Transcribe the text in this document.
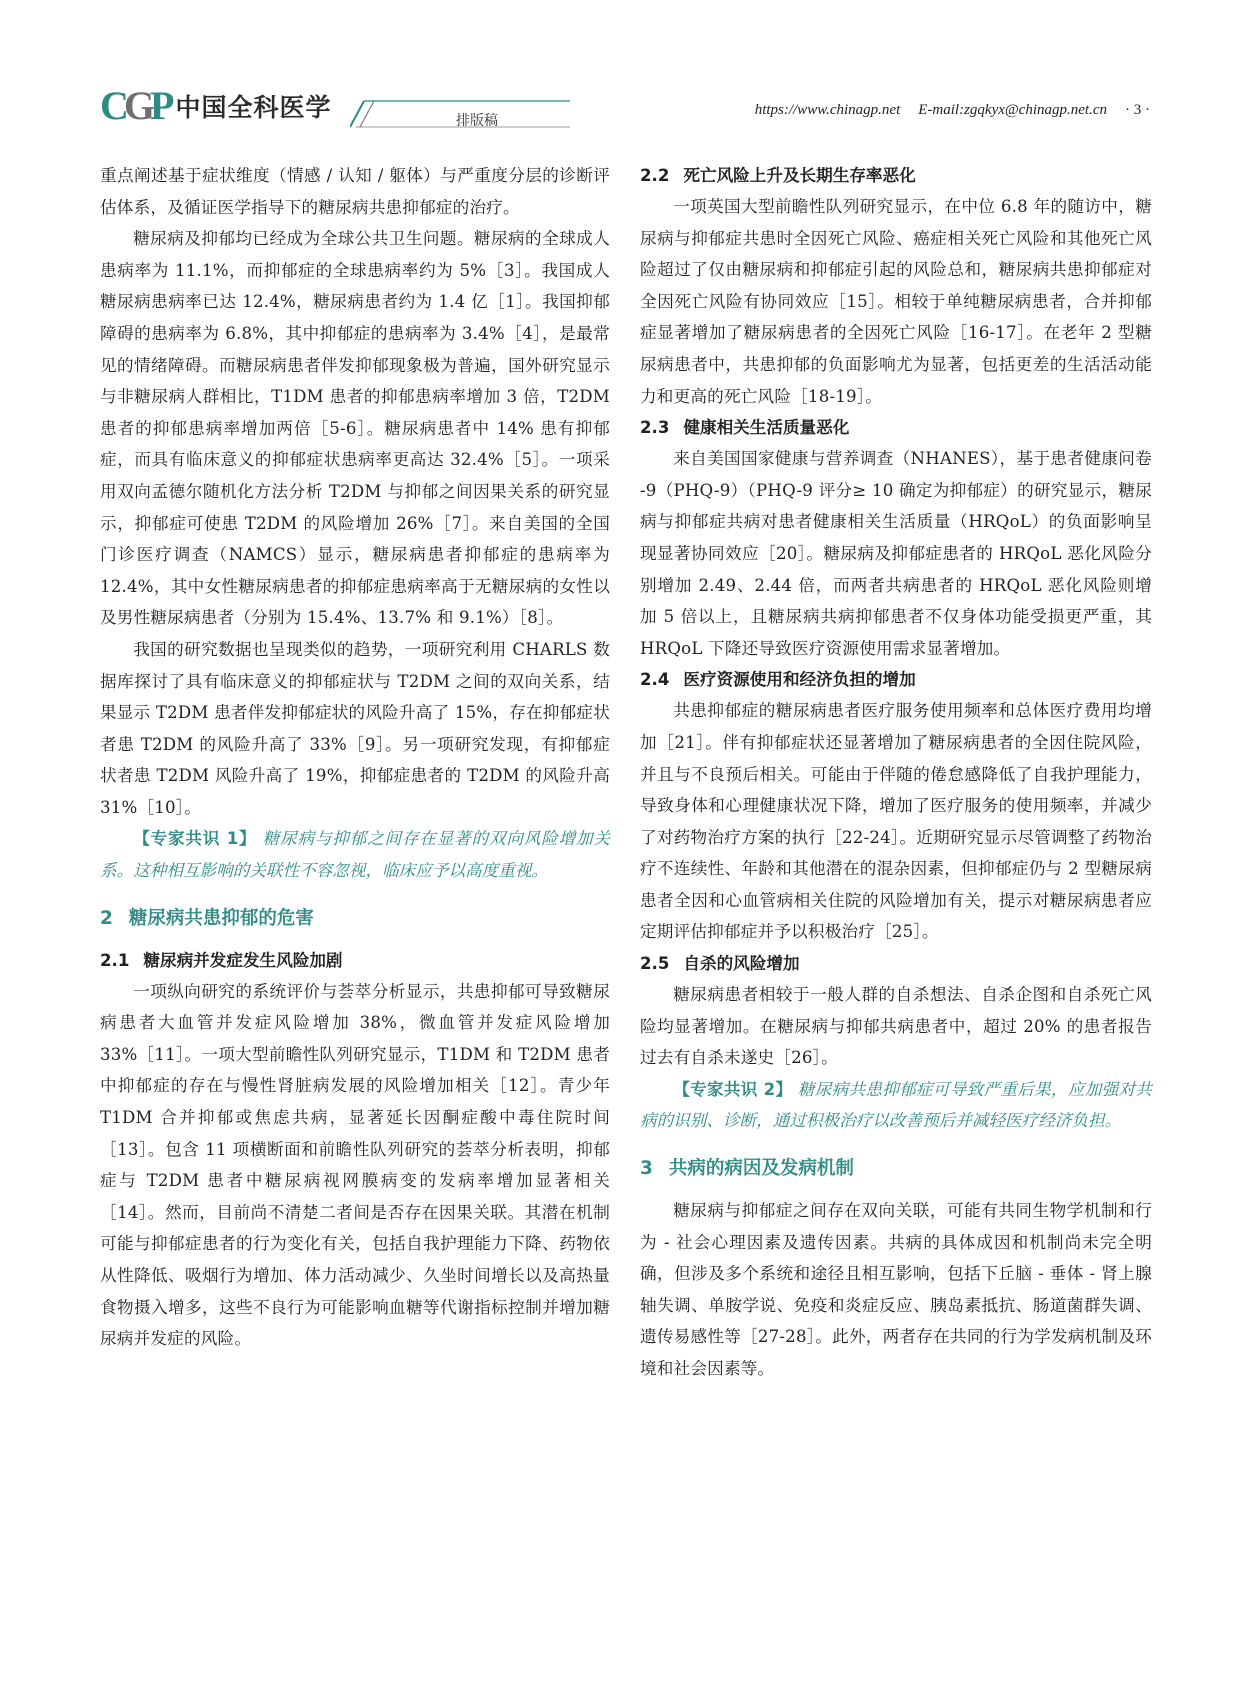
CGP 中国全科医学	排版稿
https://www.chinagp.net E-mail:zgqkyx@chinagp.net.cn · 3 ·

重点阐述基于症状维度（情感 / 认知 / 躯体）与严重度分层的诊断评估体系，及循证医学指导下的糖尿病共患抑郁症的治疗。

糖尿病及抑郁均已经成为全球公共卫生问题。糖尿病的全球成人患病率为 11.1%，而抑郁症的全球患病率约为 5%［3］。我国成人糖尿病患病率已达 12.4%，糖尿病患者约为 1.4 亿［1］。我国抑郁障碍的患病率为 6.8%，其中抑郁症的患病率为 3.4%［4］，是最常见的情绪障碍。而糖尿病患者伴发抑郁现象极为普遍，国外研究显示与非糖尿病人群相比，T1DM 患者的抑郁患病率增加 3 倍，T2DM 患者的抑郁患病率增加两倍［5-6］。糖尿病患者中 14% 患有抑郁症，而具有临床意义的抑郁症状患病率更高达 32.4%［5］。一项采用双向孟德尔随机化方法分析 T2DM 与抑郁之间因果关系的研究显示，抑郁症可使患 T2DM 的风险增加 26%［7］。来自美国的全国门诊医疗调查（NAMCS）显示，糖尿病患者抑郁症的患病率为 12.4%，其中女性糖尿病患者的抑郁症患病率高于无糖尿病的女性以及男性糖尿病患者（分别为 15.4%、13.7% 和 9.1%）［8］。

我国的研究数据也呈现类似的趋势，一项研究利用 CHARLS 数据库探讨了具有临床意义的抑郁症状与 T2DM 之间的双向关系，结果显示 T2DM 患者伴发抑郁症状的风险升高了 15%，存在抑郁症状者患 T2DM 的风险升高了 33%［9］。另一项研究发现，有抑郁症状者患 T2DM 风险升高了 19%，抑郁症患者的 T2DM 的风险升高 31%［10］。

【专家共识 1】 糖尿病与抑郁之间存在显著的双向风险增加关系。这种相互影响的关联性不容忽视，临床应予以高度重视。

2 糖尿病共患抑郁的危害
2.1 糖尿病并发症发生风险加剧

一项纵向研究的系统评价与荟萃分析显示，共患抑郁可导致糖尿病患者大血管并发症风险增加 38%，微血管并发症风险增加 33%［11］。一项大型前瞻性队列研究显示，T1DM 和 T2DM 患者中抑郁症的存在与慢性肾脏病发展的风险增加相关［12］。青少年 T1DM 合并抑郁或焦虑共病，显著延长因酮症酸中毒住院时间［13］。包含 11 项横断面和前瞻性队列研究的荟萃分析表明，抑郁症与 T2DM 患者中糖尿病视网膜病变的发病率增加显著相关［14］。然而，目前尚不清楚二者间是否存在因果关联。其潜在机制可能与抑郁症患者的行为变化有关，包括自我护理能力下降、药物依从性降低、吸烟行为增加、体力活动减少、久坐时间增长以及高热量食物摄入增多，这些不良行为可能影响血糖等代谢指标控制并增加糖尿病并发症的风险。

2.2 死亡风险上升及长期生存率恶化

一项英国大型前瞻性队列研究显示，在中位 6.8 年的随访中，糖尿病与抑郁症共患时全因死亡风险、癌症相关死亡风险和其他死亡风险超过了仅由糖尿病和抑郁症引起的风险总和，糖尿病共患抑郁症对全因死亡风险有协同效应［15］。相较于单纯糖尿病患者，合并抑郁症显著增加了糖尿病患者的全因死亡风险［16-17］。在老年 2 型糖尿病患者中，共患抑郁的负面影响尤为显著，包括更差的生活活动能力和更高的死亡风险［18-19］。

2.3 健康相关生活质量恶化

来自美国国家健康与营养调查（NHANES），基于患者健康问卷 -9（PHQ-9）（PHQ-9 评分≥ 10 确定为抑郁症）的研究显示，糖尿病与抑郁症共病对患者健康相关生活质量（HRQoL）的负面影响呈现显著协同效应［20］。糖尿病及抑郁症患者的 HRQoL 恶化风险分别增加 2.49、2.44 倍，而两者共病患者的 HRQoL 恶化风险则增加 5 倍以上，且糖尿病共病抑郁患者不仅身体功能受损更严重，其 HRQoL 下降还导致医疗资源使用需求显著增加。

2.4 医疗资源使用和经济负担的增加

共患抑郁症的糖尿病患者医疗服务使用频率和总体医疗费用均增加［21］。伴有抑郁症状还显著增加了糖尿病患者的全因住院风险，并且与不良预后相关。可能由于伴随的倦怠感降低了自我护理能力，导致身体和心理健康状况下降，增加了医疗服务的使用频率，并减少了对药物治疗方案的执行［22-24］。近期研究显示尽管调整了药物治疗不连续性、年龄和其他潜在的混杂因素，但抑郁症仍与 2 型糖尿病患者全因和心血管病相关住院的风险增加有关，提示对糖尿病患者应定期评估抑郁症并予以积极治疗［25］。

2.5 自杀的风险增加

糖尿病患者相较于一般人群的自杀想法、自杀企图和自杀死亡风险均显著增加。在糖尿病与抑郁共病患者中，超过 20% 的患者报告过去有自杀未遂史［26］。

【专家共识 2】 糖尿病共患抑郁症可导致严重后果，应加强对共病的识别、诊断，通过积极治疗以改善预后并减轻医疗经济负担。

3 共病的病因及发病机制

糖尿病与抑郁症之间存在双向关联，可能有共同生物学机制和行为 - 社会心理因素及遗传因素。共病的具体成因和机制尚未完全明确，但涉及多个系统和途径且相互影响，包括下丘脑 - 垂体 - 肾上腺轴失调、单胺学说、免疫和炎症反应、胰岛素抵抗、肠道菌群失调、遗传易感性等［27-28］。此外，两者存在共同的行为学发病机制及环境和社会因素等。
